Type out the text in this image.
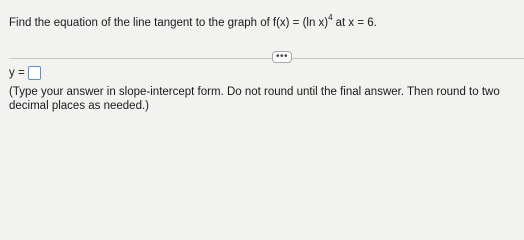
Find the equation of the line tangent to the graph of f(x) = (ln x)$^4$ at x = 6.
•••
y =
(Type your answer in slope-intercept form. Do not round until the final answer. Then round to two decimal places as needed.)
